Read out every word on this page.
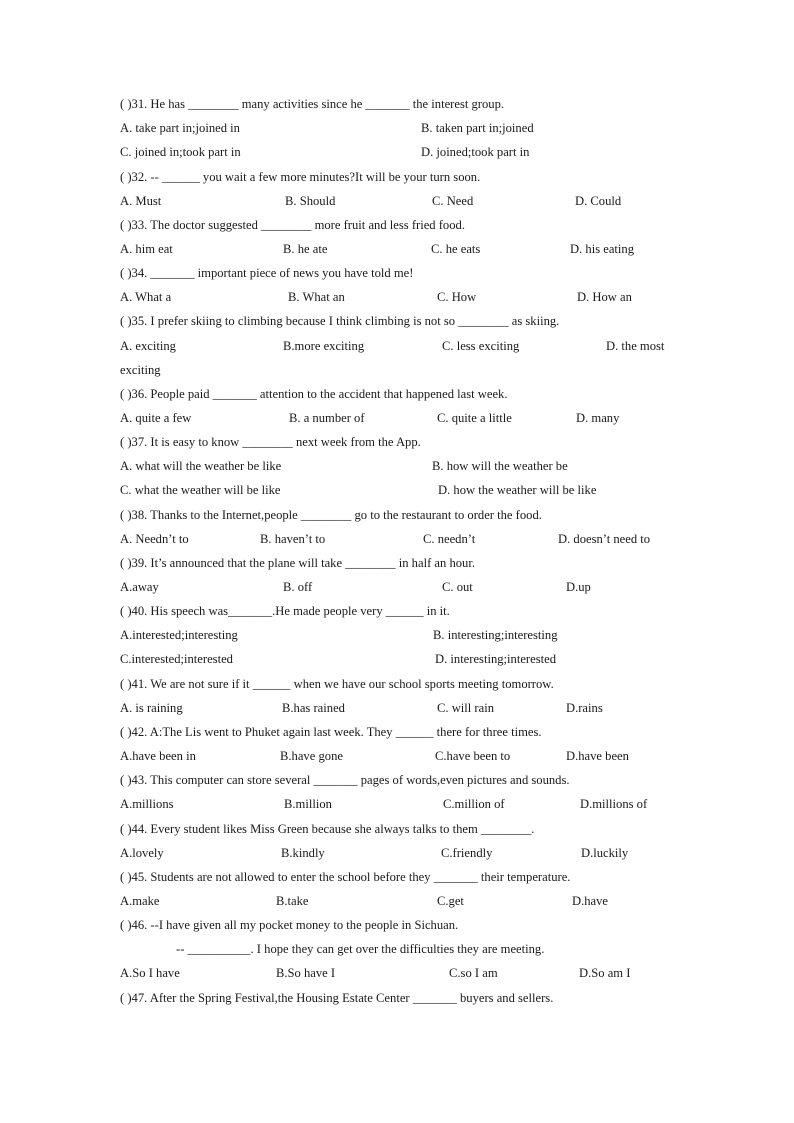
( )31. He has ________ many activities since he _______ the interest group.
A. take part in;joined in	B. taken part in;joined
C. joined in;took part in	D. joined;took part in
( )32. -- ______ you wait a few more minutes?It will be your turn soon.
A. Must	B. Should	C. Need	D. Could
( )33. The doctor suggested ________ more fruit and less fried food.
A. him eat	B. he ate	C. he eats	D. his eating
( )34. _______ important piece of news you have told me!
A. What a	B. What an	C. How	D. How an
( )35. I prefer skiing to climbing because I think climbing is not so ________ as skiing.
A. exciting	B.more exciting	C. less exciting	D. the most
exciting
( )36. People paid _______ attention to the accident that happened last week.
A. quite a few	B. a number of	C. quite a little	D. many
( )37. It is easy to know ________ next week from the App.
A. what will the weather be like	B. how will the weather be
C. what the weather will be like	D. how the weather will be like
( )38. Thanks to the Internet,people ________ go to the restaurant to order the food.
A. Needn’t to	B. haven’t to	C. needn’t	D. doesn’t need to
( )39. It’s announced that the plane will take ________ in half an hour.
A.away	B. off	C. out	D.up
( )40. His speech was_______.He made people very ______ in it.
A.interested;interesting	B. interesting;interesting
C.interested;interested	D. interesting;interested
( )41. We are not sure if it ______ when we have our school sports meeting tomorrow.
A. is raining	B.has rained	C. will rain	D.rains
( )42. A:The Lis went to Phuket again last week. They ______ there for three times.
A.have been in	B.have gone	C.have been to	D.have been
( )43. This computer can store several _______ pages of words,even pictures and sounds.
A.millions	B.million	C.million of	D.millions of
( )44. Every student likes Miss Green because she always talks to them ________.
A.lovely	B.kindly	C.friendly	D.luckily
( )45. Students are not allowed to enter the school before they _______ their temperature.
A.make	B.take	C.get	D.have
( )46. --I have given all my pocket money to the people in Sichuan.
-- __________. I hope they can get over the difficulties they are meeting.
A.So I have	B.So have I	C.so I am	D.So am I
( )47. After the Spring Festival,the Housing Estate Center _______ buyers and sellers.
